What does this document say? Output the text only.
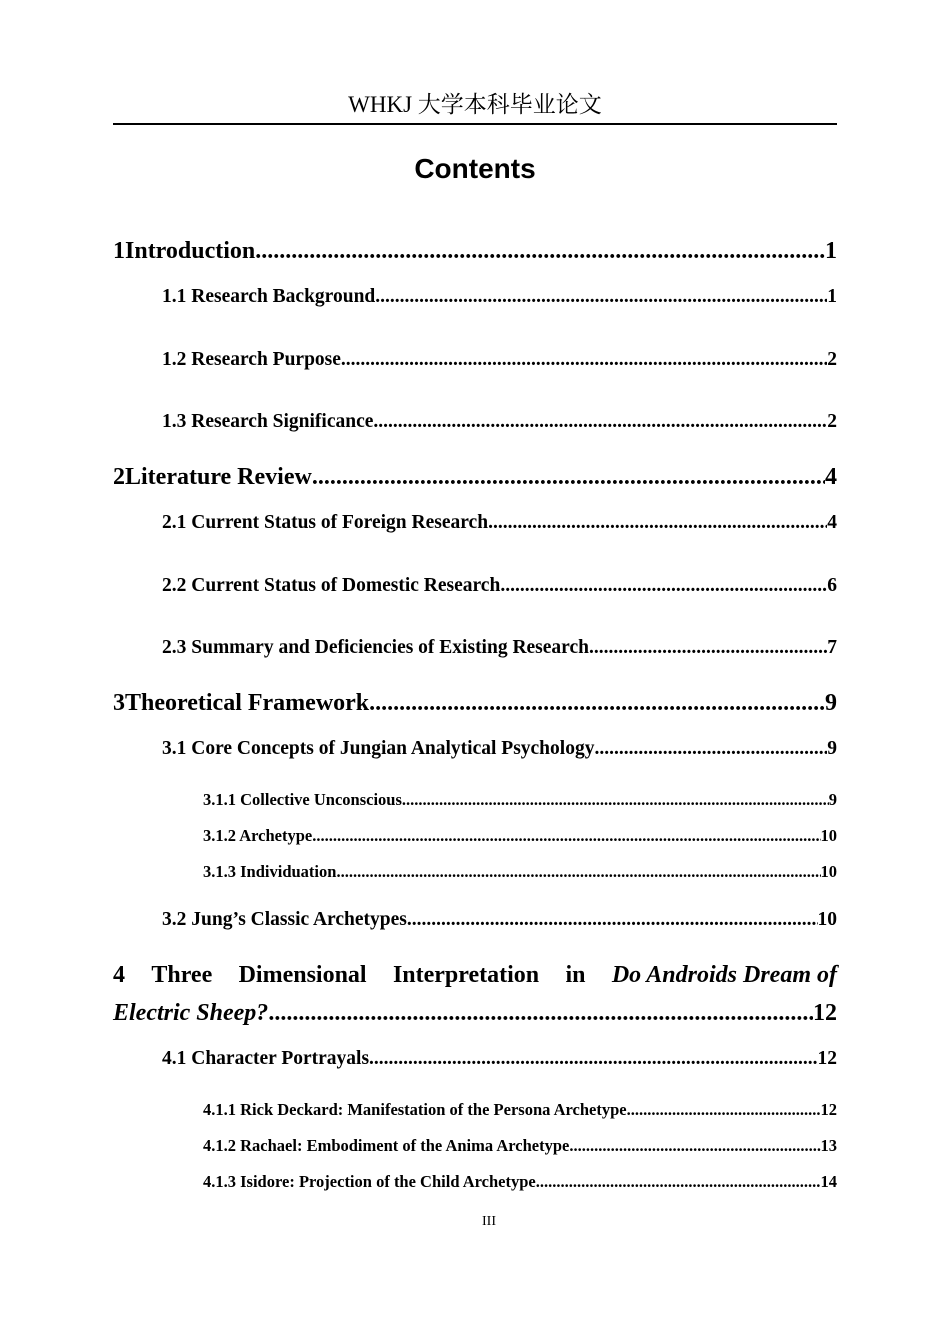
WHKJ 大学本科毕业论文
Contents
1 Introduction .....	1
1.1 Research Background .....	1
1.2 Research Purpose .....	2
1.3 Research Significance .....	2
2 Literature Review .....	4
2.1 Current Status of Foreign Research .....	4
2.2 Current Status of Domestic Research .....	6
2.3 Summary and Deficiencies of Existing Research .....	7
3 Theoretical Framework .....	9
3.1 Core Concepts of Jungian Analytical Psychology .....	9
3.1.1 Collective Unconscious .....	9
3.1.2 Archetype .....	10
3.1.3 Individuation .....	10
3.2 Jung’s Classic Archetypes .....	10
4 Three Dimensional Interpretation in Do Androids Dream of
Electric Sheep? .....	12
4.1 Character Portrayals .....	12
4.1.1 Rick Deckard: Manifestation of the Persona Archetype .....	12
4.1.2 Rachael: Embodiment of the Anima Archetype .....	13
4.1.3 Isidore: Projection of the Child Archetype .....	14
III
